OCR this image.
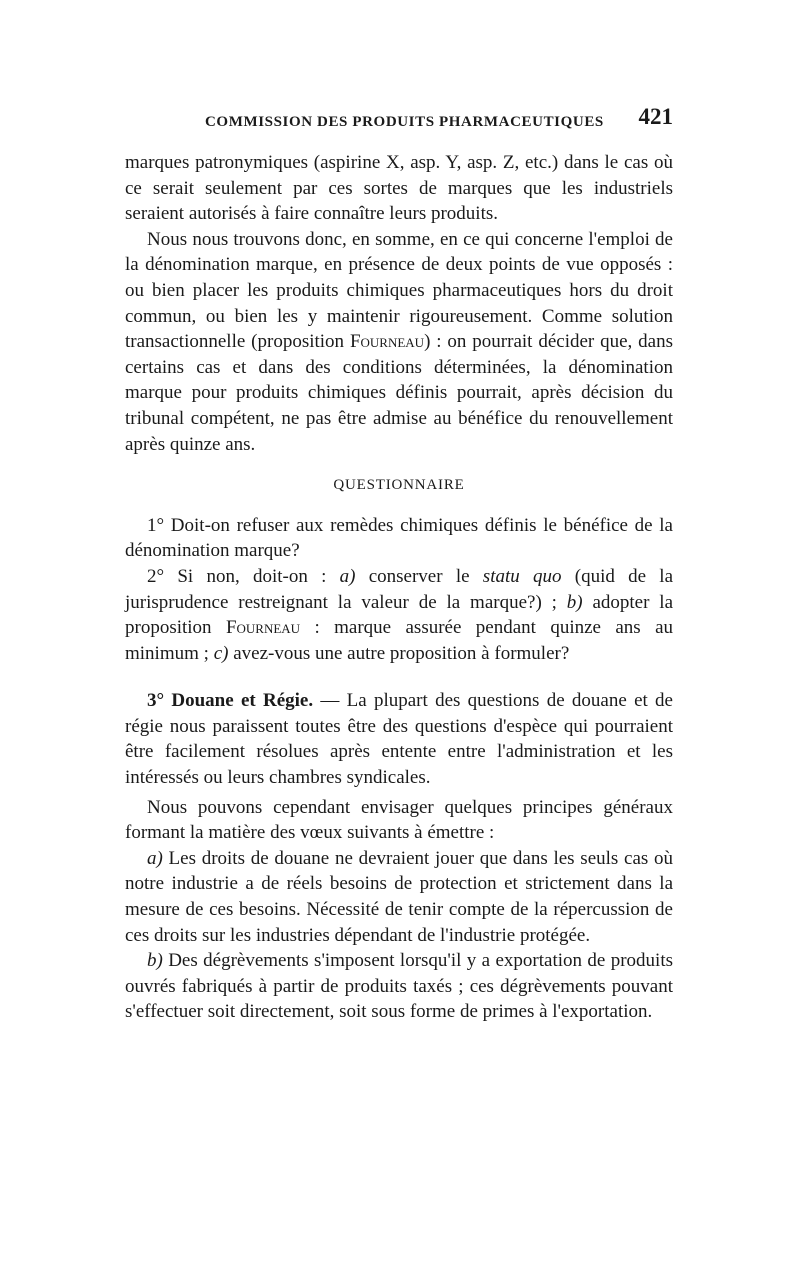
COMMISSION DES PRODUITS PHARMACEUTIQUES 421

marques patronymiques (aspirine X, asp. Y, asp. Z, etc.) dans le cas où ce serait seulement par ces sortes de marques que les industriels seraient autorisés à faire connaître leurs produits.

Nous nous trouvons donc, en somme, en ce qui concerne l'emploi de la dénomination marque, en présence de deux points de vue opposés : ou bien placer les produits chimiques pharmaceutiques hors du droit commun, ou bien les y maintenir rigoureusement. Comme solution transactionnelle (proposition Fourneau) : on pourrait décider que, dans certains cas et dans des conditions déterminées, la dénomination marque pour produits chimiques définis pourrait, après décision du tribunal compétent, ne pas être admise au bénéfice du renouvellement après quinze ans.

QUESTIONNAIRE

1° Doit-on refuser aux remèdes chimiques définis le bénéfice de la dénomination marque?

2° Si non, doit-on : a) conserver le statu quo (quid de la jurisprudence restreignant la valeur de la marque?) ; b) adopter la proposition Fourneau : marque assurée pendant quinze ans au minimum ; c) avez-vous une autre proposition à formuler?

3° Douane et Régie. — La plupart des questions de douane et de régie nous paraissent toutes être des questions d'espèce qui pourraient être facilement résolues après entente entre l'administration et les intéressés ou leurs chambres syndicales.

Nous pouvons cependant envisager quelques principes généraux formant la matière des vœux suivants à émettre :

a) Les droits de douane ne devraient jouer que dans les seuls cas où notre industrie a de réels besoins de protection et strictement dans la mesure de ces besoins. Nécessité de tenir compte de la répercussion de ces droits sur les industries dépendant de l'industrie protégée.

b) Des dégrèvements s'imposent lorsqu'il y a exportation de produits ouvrés fabriqués à partir de produits taxés ; ces dégrèvements pouvant s'effectuer soit directement, soit sous forme de primes à l'exportation.
